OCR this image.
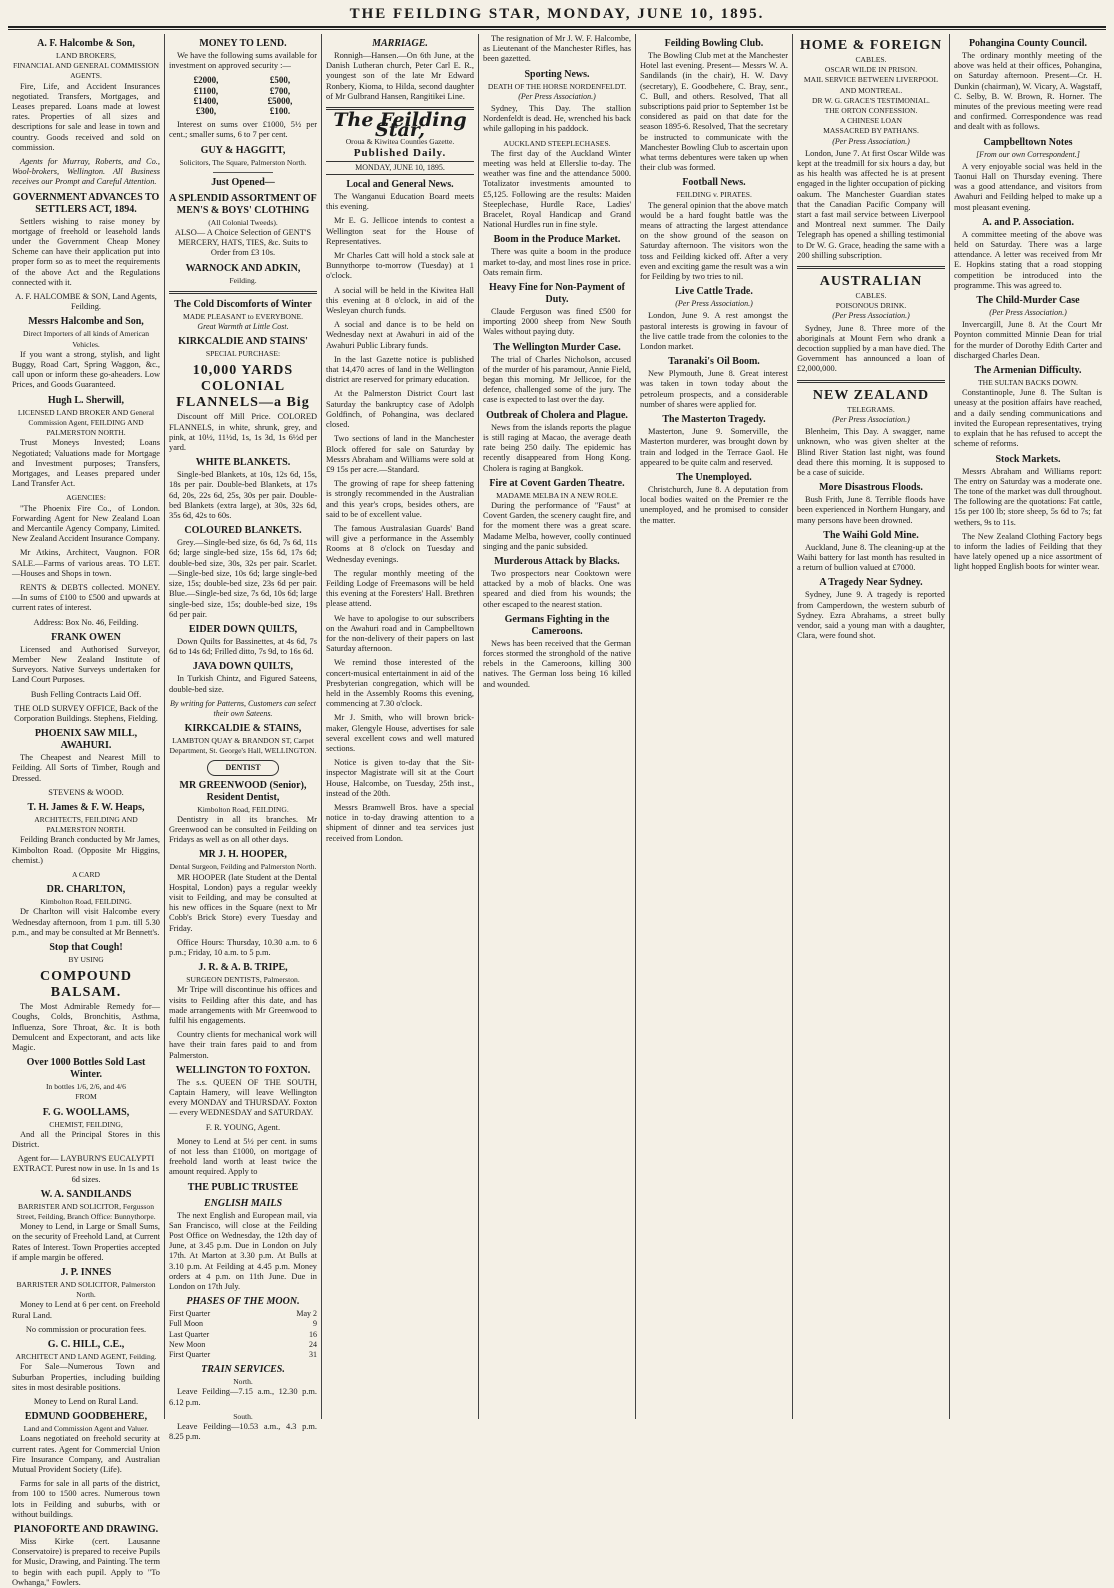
THE FEILDING STAR, MONDAY, JUNE 10, 1895.
A. F. Halcombe & Son,
LAND BROKERS,
FINANCIAL AND GENERAL COMMISSION AGENTS.

Fire, Life, and Accident Insurances negotiated. Transfers, Mortgages, and Leases prepared. Loans made at lowest rates. Properties of all sizes and descriptions for sale and lease in town and country. Goods received and sold on commission.

Agents for Murray, Roberts, and Co., Wool-brokers, Wellington. All Business receives our Prompt and Careful Attention.

GOVERNMENT ADVANCES TO SETTLERS ACT, 1894.

Settlers wishing to raise money by mortgage of freehold or leasehold lands under the Government Cheap Money Scheme can have their application put into proper form so as to meet the requirements of the above Act and the Regulations connected with it.

A. F. HALCOMBE & SON, Land Agents, Feilding.

Messrs Halcombe and Son,
Direct Importers of all kinds of American Vehicles.

If you want a strong, stylish, and light Buggy, Road Cart, Spring Waggon, &c., call upon or inform these go-aheaders. Low Prices, and Goods Guaranteed.

Hugh L. Sherwill,
LICENSED LAND BROKER AND General Commission Agent, FEILDING AND PALMERSTON NORTH.

Trust Moneys Invested; Loans Negotiated; Valuations made for Mortgage and Investment purposes; Transfers, Mortgages, and Leases prepared under Land Transfer Act.

AGENCIES:

"The Phoenix Fire Co., of London. Forwarding Agent for New Zealand Loan and Mercantile Agency Company, Limited. New Zealand Accident Insurance Company.

Mr Atkins, Architect, Vaugnon. FOR SALE.—Farms of various areas. TO LET.—Houses and Shops in town.

RENTS & DEBTS collected. MONEY.—In sums of £100 to £500 and upwards at current rates of interest.

Address: Box No. 46, Feilding.

FRANK OWEN

Licensed and Authorised Surveyor, Member New Zealand Institute of Surveyors. Native Surveys undertaken for Land Court Purposes.

Bush Felling Contracts Laid Off.

THE OLD SURVEY OFFICE, Back of the Corporation Buildings. Stephens, Fielding.

PHOENIX SAW MILL, AWAHURI.

The Cheapest and Nearest Mill to Feilding. All Sorts of Timber, Rough and Dressed.

STEVENS & WOOD.

T. H. James & F. W. Heaps,
ARCHITECTS, FEILDING AND PALMERSTON NORTH.

Feilding Branch conducted by Mr James, Kimbolton Road. (Opposite Mr Higgins, chemist.)

A CARD
DR. CHARLTON,
Kimbolton Road, FEILDING.

Dr Charlton will visit Halcombe every Wednesday afternoon, from 1 p.m. till 5.30 p.m., and may be consulted at Mr Bennett's.

Stop that Cough!
BY USING
COMPOUND BALSAM.

The Most Admirable Remedy for— Coughs, Colds, Bronchitis, Asthma, Influenza, Sore Throat, &c. It is both Demulcent and Expectorant, and acts like Magic.

Over 1000 Bottles Sold Last Winter.
In bottles 1/6, 2/6, and 4/6
FROM
F. G. WOOLLAMS,
CHEMIST, FEILDING,

And all the Principal Stores in this District.

Agent for— LAYBURN'S EUCALYPTI EXTRACT. Purest now in use. In 1s and 1s 6d sizes.

W. A. SANDILANDS
BARRISTER AND SOLICITOR, Fergusson Street, Feilding, Branch Office: Bunnythorpe.

Money to Lend, in Large or Small Sums, on the security of Freehold Land, at Current Rates of Interest. Town Properties accepted if ample margin be offered.

J. P. INNES
BARRISTER AND SOLICITOR, Palmerston North.

Money to Lend at 6 per cent. on Freehold Rural Land.

No commission or procuration fees.

G. C. HILL, C.E.,
ARCHITECT AND LAND AGENT, Feilding.

For Sale—Numerous Town and Suburban Properties, including building sites in most desirable positions.

Money to Lend on Rural Land.

EDMUND GOODBEHERE,
Land and Commission Agent and Valuer.

Loans negotiated on freehold security at current rates. Agent for Commercial Union Fire Insurance Company, and Australian Mutual Provident Society (Life).

Farms for sale in all parts of the district, from 100 to 1500 acres. Numerous town lots in Feilding and suburbs, with or without buildings.

PIANOFORTE AND DRAWING.

Miss Kirke (cert. Lausanne Conservatoire) is prepared to receive Pupils for Music, Drawing, and Painting. The term to begin with each pupil. Apply to "To Owhanga," Fowlers.

MONEY TO LEND.

We have the following sums available for investment on approved security :—

£2000,	£500,
£1100,	£700,
£1400,	£5000,
£300,	£100.

Interest on sums over £1000, 5½ per cent.; smaller sums, 6 to 7 per cent.

GUY & HAGGITT,
Solicitors, The Square, Palmerston North.
Just Opened—
A SPLENDID ASSORTMENT OF MEN'S & BOYS' CLOTHING
(All Colonial Tweeds).

ALSO— A Choice Selection of GENT'S MERCERY, HATS, TIES, &c. Suits to Order from £3 10s.

WARNOCK AND ADKIN,
Feilding.
The Cold Discomforts of Winter
MADE PLEASANT to EVERYBONE.
Great Warmth at Little Cost.
KIRKCALDIE AND STAINS'
SPECIAL PURCHASE:
10,000 YARDS COLONIAL FLANNELS—a Big

Discount off Mill Price. COLORED FLANNELS, in white, shrunk, grey, and pink, at 10½, 11½d, 1s, 1s 3d, 1s 6½d per yard.

WHITE BLANKETS.

Single-bed Blankets, at 10s, 12s 6d, 15s, 18s per pair. Double-bed Blankets, at 17s 6d, 20s, 22s 6d, 25s, 30s per pair. Double-bed Blankets (extra large), at 30s, 32s 6d, 35s 6d, 42s to 60s.

COLOURED BLANKETS.

Grey.—Single-bed size, 6s 6d, 7s 6d, 11s 6d; large single-bed size, 15s 6d, 17s 6d; double-bed size, 30s, 32s per pair. Scarlet.—Single-bed size, 10s 6d; large single-bed size, 15s; double-bed size, 23s 6d per pair. Blue.—Single-bed size, 7s 6d, 10s 6d; large single-bed size, 15s; double-bed size, 19s 6d per pair.

EIDER DOWN QUILTS,

Down Quilts for Bassinettes, at 4s 6d, 7s 6d to 14s 6d; Frilled ditto, 7s 9d, to 16s 6d.

JAVA DOWN QUILTS,

In Turkish Chintz, and Figured Sateens, double-bed size.

By writing for Patterns, Customers can select their own Sateens.
KIRKCALDIE & STAINS,
LAMBTON QUAY & BRANDON ST, Carpet Department, St. George's Hall, WELLINGTON.
DENTIST
MR GREENWOOD (Senior), Resident Dentist,
Kimbolton Road, FEILDING.

Dentistry in all its branches. Mr Greenwood can be consulted in Feilding on Fridays as well as on all other days.

MR J. H. HOOPER,
Dental Surgeon, Feilding and Palmerston North.

MR HOOPER (late Student at the Dental Hospital, London) pays a regular weekly visit to Feilding, and may be consulted at his new offices in the Square (next to Mr Cobb's Brick Store) every Tuesday and Friday.

Office Hours: Thursday, 10.30 a.m. to 6 p.m.; Friday, 10 a.m. to 5 p.m.

J. R. & A. B. TRIPE,
SURGEON DENTISTS, Palmerston.

Mr Tripe will discontinue his offices and visits to Feilding after this date, and has made arrangements with Mr Greenwood to fulfil his engagements.

Country clients for mechanical work will have their train fares paid to and from Palmerston.

WELLINGTON TO FOXTON.

The s.s. QUEEN OF THE SOUTH, Captain Hamery, will leave Wellington every MONDAY and THURSDAY. Foxton— every WEDNESDAY and SATURDAY.

F. R. YOUNG, Agent.

Money to Lend at 5½ per cent. in sums of not less than £1000, on mortgage of freehold land worth at least twice the amount required. Apply to

THE PUBLIC TRUSTEE
ENGLISH MAILS

The next English and European mail, via San Francisco, will close at the Feilding Post Office on Wednesday, the 12th day of June, at 3.45 p.m. Due in London on July 17th. At Marton at 3.30 p.m. At Bulls at 3.10 p.m. At Feilding at 4.45 p.m. Money orders at 4 p.m. on 11th June. Due in London on 17th July.

PHASES OF THE MOON.
First Quarter	May 2
Full Moon	9
Last Quarter	16
New Moon	24
First Quarter	31
TRAIN SERVICES.
North.

Leave Feilding—7.15 a.m., 12.30 p.m. 6.12 p.m.

South.

Leave Feilding—10.53 a.m., 4.3 p.m. 8.25 p.m.

MARRIAGE.

Ronnigh—Hansen.—On 6th June, at the Danish Lutheran church, Peter Carl E. R., youngest son of the late Mr Edward Ronbery, Kioma, to Hilda, second daughter of Mr Gulbrand Hansen, Rangitikei Line.

The Feilding Star,
Oroua & Kiwitea Counties Gazette.
Published Daily.
MONDAY, JUNE 10, 1895.
Local and General News.

The Wanganui Education Board meets this evening.

Mr E. G. Jellicoe intends to contest a Wellington seat for the House of Representatives.

Mr Charles Catt will hold a stock sale at Bunnythorpe to-morrow (Tuesday) at 1 o'clock.

A social will be held in the Kiwitea Hall this evening at 8 o'clock, in aid of the Wesleyan church funds.

A social and dance is to be held on Wednesday next at Awahuri in aid of the Awahuri Public Library funds.

In the last Gazette notice is published that 14,470 acres of land in the Wellington district are reserved for primary education.

At the Palmerston District Court last Saturday the bankruptcy case of Adolph Goldfinch, of Pohangina, was declared closed.

Two sections of land in the Manchester Block offered for sale on Saturday by Messrs Abraham and Williams were sold at £9 15s per acre.—Standard.

The growing of rape for sheep fattening is strongly recommended in the Australian and this year's crops, besides others, are said to be of excellent value.

The famous Australasian Guards' Band will give a performance in the Assembly Rooms at 8 o'clock on Tuesday and Wednesday evenings.

The regular monthly meeting of the Feilding Lodge of Freemasons will be held this evening at the Foresters' Hall. Brethren please attend.

We have to apologise to our subscribers on the Awahuri road and in Campbelltown for the non-delivery of their papers on last Saturday afternoon.

We remind those interested of the concert-musical entertainment in aid of the Presbyterian congregation, which will be held in the Assembly Rooms this evening, commencing at 7.30 o'clock.

Mr J. Smith, who will brown brick-maker, Glengyle House, advertises for sale several excellent cows and well matured sections.

Notice is given to-day that the Sit-inspector Magistrate will sit at the Court House, Halcombe, on Tuesday, 25th inst., instead of the 20th.

Messrs Bramwell Bros. have a special notice in to-day drawing attention to a shipment of dinner and tea services just received from London.

The resignation of Mr J. W. F. Halcombe, as Lieutenant of the Manchester Rifles, has been gazetted.

Sporting News.
DEATH OF THE HORSE NORDENFELDT.
(Per Press Association.)

Sydney, This Day. The stallion Nordenfeldt is dead. He, wrenched his back while galloping in his paddock.

AUCKLAND STEEPLECHASES.

The first day of the Auckland Winter meeting was held at Ellerslie to-day. The weather was fine and the attendance 5000. Totalizator investments amounted to £5,125. Following are the results: Maiden Steeplechase, Hurdle Race, Ladies' Bracelet, Royal Handicap and Grand National Hurdles run in fine style.

Boom in the Produce Market.

There was quite a boom in the produce market to-day, and most lines rose in price. Oats remain firm.

Heavy Fine for Non-Payment of Duty.

Claude Ferguson was fined £500 for importing 2000 sheep from New South Wales without paying duty.

The Wellington Murder Case.

The trial of Charles Nicholson, accused of the murder of his paramour, Annie Field, began this morning. Mr Jellicoe, for the defence, challenged some of the jury. The case is expected to last over the day.

Outbreak of Cholera and Plague.

News from the islands reports the plague is still raging at Macao, the average death rate being 250 daily. The epidemic has recently disappeared from Hong Kong. Cholera is raging at Bangkok.

Fire at Covent Garden Theatre.
MADAME MELBA IN A NEW ROLE.

During the performance of "Faust" at Covent Garden, the scenery caught fire, and for the moment there was a great scare. Madame Melba, however, coolly continued singing and the panic subsided.

Murderous Attack by Blacks.

Two prospectors near Cooktown were attacked by a mob of blacks. One was speared and died from his wounds; the other escaped to the nearest station.

Germans Fighting in the Cameroons.

News has been received that the German forces stormed the stronghold of the native rebels in the Cameroons, killing 300 natives. The German loss being 16 killed and wounded.

Feilding Bowling Club.

The Bowling Club met at the Manchester Hotel last evening. Present— Messrs W. A. Sandilands (in the chair), H. W. Davy (secretary), E. Goodbehere, C. Bray, senr., C. Bull, and others. Resolved, That all subscriptions paid prior to September 1st be considered as paid on that date for the season 1895-6. Resolved, That the secretary be instructed to communicate with the Manchester Bowling Club to ascertain upon what terms debentures were taken up when their club was formed.

Football News.
FEILDING v. PIRATES.

The general opinion that the above match would be a hard fought battle was the means of attracting the largest attendance on the show ground of the season on Saturday afternoon. The visitors won the toss and Feilding kicked off. After a very even and exciting game the result was a win for Feilding by two tries to nil.

Live Cattle Trade.
(Per Press Association.)

London, June 9. A rest amongst the pastoral interests is growing in favour of the live cattle trade from the colonies to the London market.

Taranaki's Oil Boom.

New Plymouth, June 8. Great interest was taken in town today about the petroleum prospects, and a considerable number of shares were applied for.

The Masterton Tragedy.

Masterton, June 9. Somerville, the Masterton murderer, was brought down by train and lodged in the Terrace Gaol. He appeared to be quite calm and reserved.

The Unemployed.

Christchurch, June 8. A deputation from local bodies waited on the Premier re the unemployed, and he promised to consider the matter.

HOME & FOREIGN
CABLES.
OSCAR WILDE IN PRISON.
MAIL SERVICE BETWEEN LIVERPOOL AND MONTREAL.
DR W. G. GRACE'S TESTIMONIAL.
THE ORTON CONFESSION.
A CHINESE LOAN
MASSACRED BY PATHANS.
(Per Press Association.)

London, June 7. At first Oscar Wilde was kept at the treadmill for six hours a day, but as his health was affected he is at present engaged in the lighter occupation of picking oakum. The Manchester Guardian states that the Canadian Pacific Company will start a fast mail service between Liverpool and Montreal next summer. The Daily Telegraph has opened a shilling testimonial to Dr W. G. Grace, heading the same with a 200 shilling subscription.

AUSTRALIAN
CABLES.
POISONOUS DRINK.
(Per Press Association.)

Sydney, June 8. Three more of the aboriginals at Mount Fern who drank a decoction supplied by a man have died. The Government has announced a loan of £2,000,000.

NEW ZEALAND
TELEGRAMS.
(Per Press Association.)

Blenheim, This Day. A swagger, name unknown, who was given shelter at the Blind River Station last night, was found dead there this morning. It is supposed to be a case of suicide.

More Disastrous Floods.

Bush Frith, June 8. Terrible floods have been experienced in Northern Hungary, and many persons have been drowned.

The Waihi Gold Mine.

Auckland, June 8. The cleaning-up at the Waihi battery for last month has resulted in a return of bullion valued at £7000.

A Tragedy Near Sydney.

Sydney, June 9. A tragedy is reported from Camperdown, the western suburb of Sydney. Ezra Abrahams, a street bully vendor, said a young man with a daughter, Clara, were found shot.

Pohangina County Council.

The ordinary monthly meeting of the above was held at their offices, Pohangina, on Saturday afternoon. Present—Cr. H. Dunkin (chairman), W. Vicary, A. Wagstaff, C. Selby, B. W. Brown, R. Horner. The minutes of the previous meeting were read and confirmed. Correspondence was read and dealt with as follows.

Campbelltown Notes
[From our own Correspondent.]

A very enjoyable social was held in the Taonui Hall on Thursday evening. There was a good attendance, and visitors from Awahuri and Feilding helped to make up a most pleasant evening.

A. and P. Association.

A committee meeting of the above was held on Saturday. There was a large attendance. A letter was received from Mr E. Hopkins stating that a road stopping competition be introduced into the programme. This was agreed to.

The Child-Murder Case
(Per Press Association.)

Invercargill, June 8. At the Court Mr Poynton committed Minnie Dean for trial for the murder of Dorothy Edith Carter and discharged Charles Dean.

The Armenian Difficulty.
THE SULTAN BACKS DOWN.

Constantinople, June 8. The Sultan is uneasy at the position affairs have reached, and a daily sending communications and invited the European representatives, trying to explain that he has refused to accept the scheme of reforms.

Stock Markets.

Messrs Abraham and Williams report: The entry on Saturday was a moderate one. The tone of the market was dull throughout. The following are the quotations: Fat cattle, 15s per 100 lb; store sheep, 5s 6d to 7s; fat wethers, 9s to 11s.

The New Zealand Clothing Factory begs to inform the ladies of Feilding that they have lately opened up a nice assortment of light hopped English boots for winter wear.
